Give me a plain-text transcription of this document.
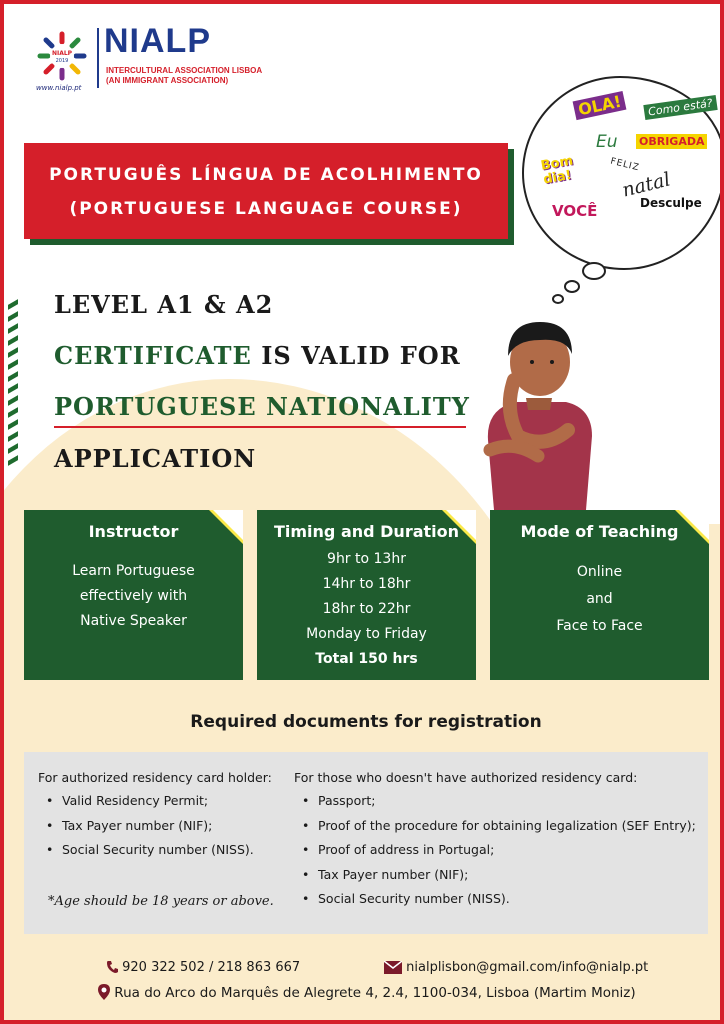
NIALP
2019
www.nialp.pt
NIALP
INTERCULTURAL ASSOCIATION LISBOA
(AN IMMIGRANT ASSOCIATION)
PORTUGUÊS LÍNGUA DE ACOLHIMENTO
(PORTUGUESE LANGUAGE COURSE)
OLA!	Como está?
Eu OBRIGADA
Bom dia!
FELIZ
natal
VOCÊ	Desculpe
LEVEL A1 & A2
CERTIFICATE IS VALID FOR
PORTUGUESE NATIONALITY
APPLICATION
Instructor

Learn Portuguese

effectively with

Native Speaker

Timing and Duration

9hr to 13hr

14hr to 18hr

18hr to 22hr

Monday to Friday

Total 150 hrs

Mode of Teaching

Online

and

Face to Face

Required documents for registration
For authorized residency card holder:
• Valid Residency Permit;
• Tax Payer number (NIF);
• Social Security number (NISS).
*Age should be 18 years or above.
For those who doesn't have authorized residency card:
• Passport;
• Proof of the procedure for obtaining legalization (SEF Entry);
• Proof of address in Portugal;
• Tax Payer number (NIF);
• Social Security number (NISS).
920 322 502 / 218 863 667	nialplisbon@gmail.com/info@nialp.pt
Rua do Arco do Marquês de Alegrete 4, 2.4, 1100-034, Lisboa (Martim Moniz)
